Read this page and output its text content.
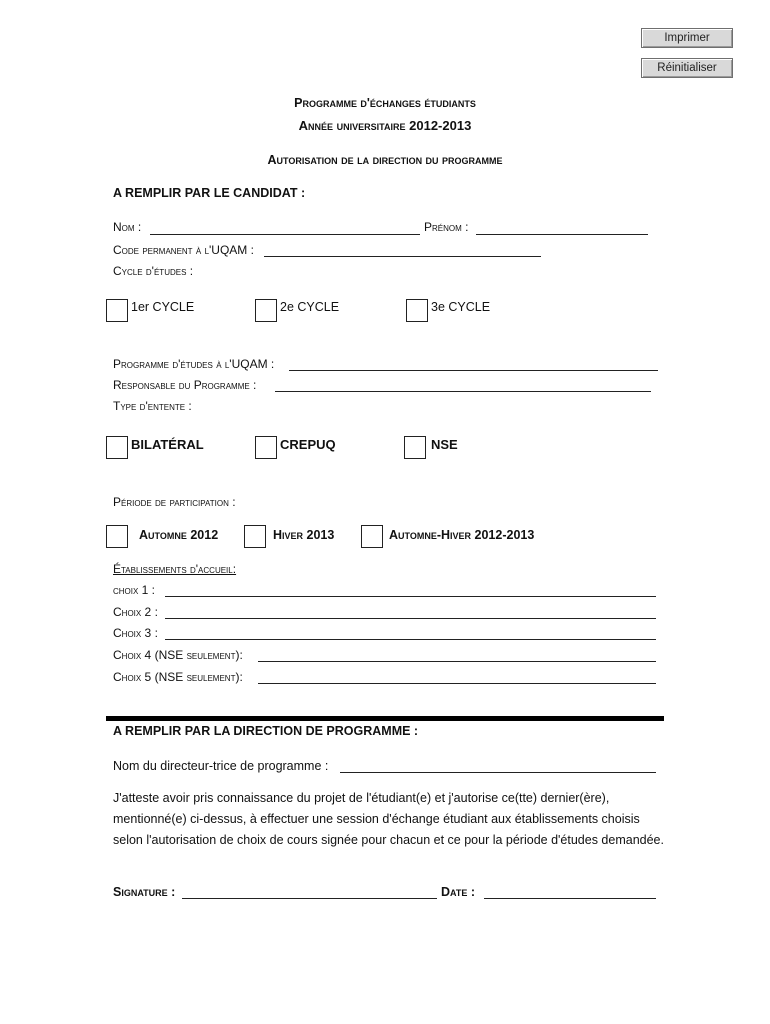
Imprimer
Réinitialiser
Programme d'échanges étudiants
Année universitaire 2012-2013
Autorisation de la direction du programme
A REMPLIR PAR LE CANDIDAT :
Nom :	Prénom :
Code permanent à l'UQAM :
Cycle d'études :
1er CYCLE	2e CYCLE	3e CYCLE
Programme d'études à l'UQAM :
Responsable du Programme :
Type d'entente :
BILATÉRAL	CREPUQ	NSE
Période de participation :
Automne 2012	Hiver 2013	Automne-Hiver 2012-2013
Établissements d'accueil:
choix 1 :
Choix 2 :
Choix 3 :
Choix 4 (NSE seulement):
Choix 5 (NSE seulement):
A REMPLIR PAR LA DIRECTION DE PROGRAMME :
Nom du directeur-trice de programme :
J'atteste avoir pris connaissance du projet de l'étudiant(e) et j'autorise ce(tte) dernier(ère), mentionné(e) ci-dessus, à effectuer une session d'échange étudiant aux établissements choisis selon l'autorisation de choix de cours signée pour chacun et ce pour la période d'études demandée.
Signature :	Date :
